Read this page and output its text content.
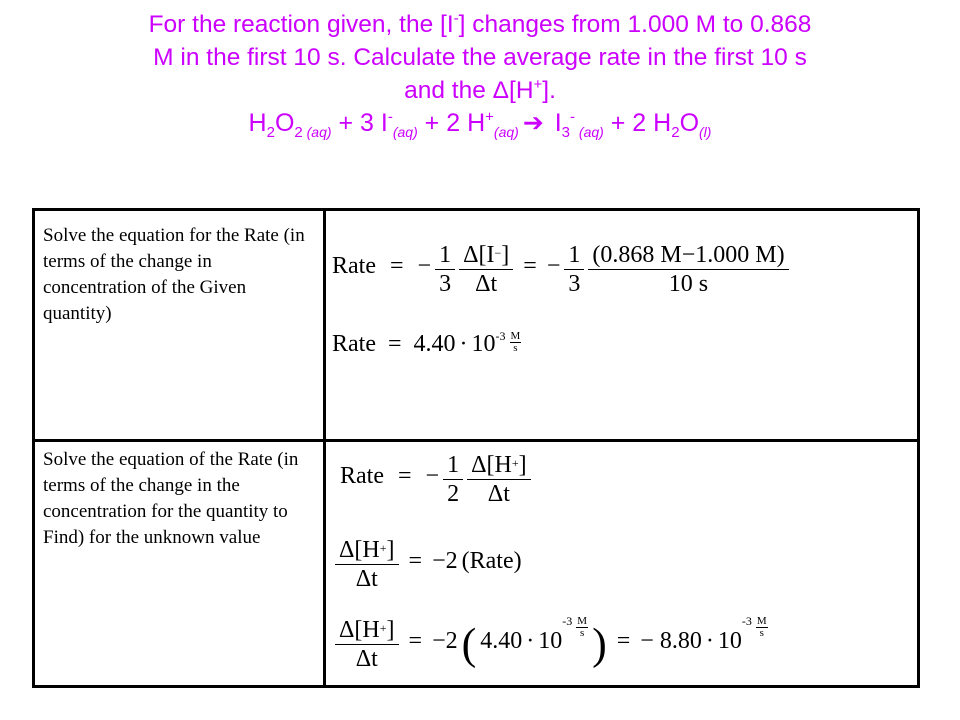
For the reaction given, the [I-] changes from 1.000 M to 0.868
M in the first 10 s. Calculate the average rate in the first 10 s
and the Δ[H+].
$H_2O_2$ $_{(aq)}$ + 3 $I^-_{(aq)} + 2$ $H^+_{(aq)}$ ➔ $I_3^-$ $_{(aq)}$ + 2 $H_2O_{(l)}$
Solve the equation for the Rate (in terms of the change in concentration of the Given quantity)
Solve the equation of the Rate (in terms of the change in the concentration for the quantity to Find) for the unknown value
Rate = − $\frac{1}{3}$
$\frac{\Delta[I^-]}{\Delta t}$ = − $\frac{1}{3}$
$\frac{(0.868 M-1.000 M)}{10 s}$
Rate = $4.40 \cdot 10^{-3} \frac{M}{s}$
Rate = − $\frac{1}{2}$
$\frac{\Delta[H^+]}{\Delta t}$
$\frac{\Delta[H^+]}{\Delta t} = -2$ (Rate)
$\frac{\Delta[H^+]}{\Delta t} = -2$ ( $4.40 \cdot 10^{-3} \frac{M}{s}$ ) = − $8.80 \cdot 10^{-3} \frac{M}{s}$
